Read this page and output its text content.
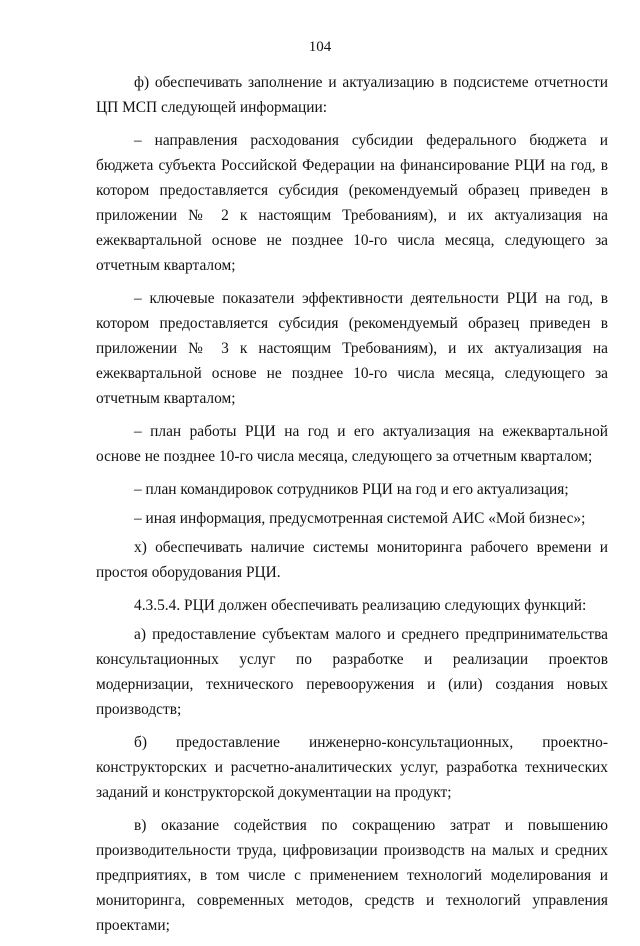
104

ф) обеспечивать заполнение и актуализацию в подсистеме отчетности ЦП МСП следующей информации:

– направления расходования субсидии федерального бюджета и бюджета субъекта Российской Федерации на финансирование РЦИ на год, в котором предоставляется субсидия (рекомендуемый образец приведен в приложении № 2 к настоящим Требованиям), и их актуализация на ежеквартальной основе не позднее 10-го числа месяца, следующего за отчетным кварталом;

– ключевые показатели эффективности деятельности РЦИ на год, в котором предоставляется субсидия (рекомендуемый образец приведен в приложении № 3 к настоящим Требованиям), и их актуализация на ежеквартальной основе не позднее 10-го числа месяца, следующего за отчетным кварталом;

– план работы РЦИ на год и его актуализация на ежеквартальной основе не позднее 10-го числа месяца, следующего за отчетным кварталом;

– план командировок сотрудников РЦИ на год и его актуализация;

– иная информация, предусмотренная системой АИС «Мой бизнес»;

х) обеспечивать наличие системы мониторинга рабочего времени и простоя оборудования РЦИ.

4.3.5.4. РЦИ должен обеспечивать реализацию следующих функций:

а) предоставление субъектам малого и среднего предпринимательства консультационных услуг по разработке и реализации проектов модернизации, технического перевооружения и (или) создания новых производств;

б) предоставление инженерно-консультационных, проектно-конструкторских и расчетно-аналитических услуг, разработка технических заданий и конструкторской документации на продукт;

в) оказание содействия по сокращению затрат и повышению производительности труда, цифровизации производств на малых и средних предприятиях, в том числе с применением технологий моделирования и мониторинга, современных методов, средств и технологий управления проектами;
